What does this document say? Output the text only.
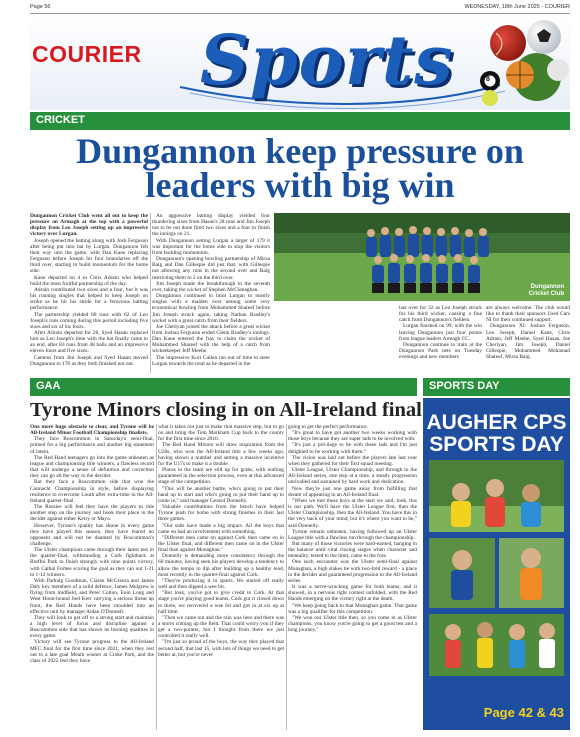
Page 56	WEDNESDAY, 18th June 2025 - COURIER
COURIER Sports	8
CRICKET
Dungannon keep pressure on leaders with big win

Dungannon Cricket Club went all out to keep the pressure on Armagh at the top with a powerful display from Leo Joseph setting up an impressive victory over Lurgan.

Joseph opened the batting along with Josh Ferguson after being put into bat by Lurgan. Dungannon felt their way into the game, with Dan Kane replacing Ferguson before Joseph hit four boundaries off the third over, starting to build momentum for the home side.

Kane departed on 4 to Chris Adrain who helped build the most fruitful partnership of the day.

Adrain contributed two sixes and a four, but it was his running singles that helped to keep Joseph on strike as he hit his stride for a ferocious batting performance.

The partnership yielded 80 runs with 62 of Leo Joseph's runs coming during this period including five sixes and six of his fours.

After Adrain departed for 28, Syed Hasan replaced him as Leo Joseph's time with the bat finally came to an end, after 83 runs from 48 balls and an impressive eleven fours and five sixes.

Cameos from Jim Joseph and Syed Hasan moved Dungannon to 178 as they both finished not out.

An aggressive batting display yielded four thundering sixes from Hasan's 28 runs and Jim Joseph not to be out done fired two sixes and a four to finish the innings on 21.

With Dungannon setting Lurgan a target of 179 it was important for the home side to stop the visitors from building momentum.

Dungannon's opening bowling partnership of Mirza Baig and Dan Gillespie did just that, with Gillespie not allowing any runs in the second over and Baig restricting them to 2 on the third over.

Jim Joseph made the breakthrough in the seventh over, taking the wicket of Stephen McClenaghan.

Dungannon continued to limit Lurgan to mostly singles with a maiden over among some very economical bowling from Mohammed Shareef before Jim Joseph struck again, taking Nathan Bradley's wicket with a great catch from their fielders.

Joe Cheriyan joined the attack before a great wicket from Joshua Ferguson ended Glenn Bradley's innings. Dan Kane entered the fray to claim the wicket of Mohammed Shareef with the help of a catch from wicketkeeper Jeff Meehe.

The impressive Kurt Cullen ran out of time to steer Lurgan towards the total as he departed in the

Dungannon
Cricket Club

last over for 32 as Leo Joseph struck for his third wicket, causing a fine catch from Dungannon's fielders.

Lurgan finished on 99, with the win leaving Dungannon just four points from league leaders Armagh CC.

Dungannon continue to train at the Dungannon Park nets on Tuesday evenings and new members

are always welcome. The club would like to thank their sponsors Used Cars NI for their continued support.

Dungannon XI: Joshua Ferguson, Leo Joseph, Daniel Kane, Chris Adrain, Jeff Meehe, Syed Hasan, Joe Cheriyan, Jim Joseph, Daniel Gillespie, Mohammed Mohamad Shareef, Mirza Baig.

GAA	SPORTS DAY
Tyrone Minors closing in on All-Ireland final

One more huge obstacle to clear, and Tyrone will be All-Ireland Minor Football Championship finalists.

They face Roscommon in Saturday's semi-final, primed for a big performance and another big statement of intent.

The Red Hand teenagers go into the game unbeaten as league and championship title winners, a flawless record that will undergo a sense of definition and correction they can go all the way to the decider.

But they face a Roscommon side that won the Connacht Championship in style, before displaying resilience to overcome Louth after extra-time in the All-Ireland quarter-final.

The Rossies will feel they have the players to ride another step on the journey and book their place in the decider against either Kerry or Mayo.

However, Tyrone's quality has shone in every game they have played this season, they have feared no opponent and will not be daunted by Roscommon's challenge.

The Ulster champions came through their latest test in the quarter-final, withstanding a Cork fightback at Breffni Park to finish strongly with nine points victory, with Cathal Forbes scoring the goal as they ran out 1-21 to 1-12 winners.

With Padraig Goodman, Ciaran McGrenra and James Daly key members of a solid defence, James Mulgrew is flying from midfield, and Peter Colton, Eoin Long and West Houn-bound Joel Kerr carrying a serious threat up front, the Red Hands have been moulded into an effective unit by manager Aidan O'Donnell.

They will look to get off to a strong start and maintain a high level of focus and discipline against a Roscommon side that has shown its burning qualities in every game.

Victory will see Tyrone progress to the All-Ireland MFC final for the first time since 2021, when they lost out to a late goal Meath winner at Croke Park, and the class of 2025 feel they have

what it takes not just to make that massive step, but to go on and bring the Tom Markham Cup back to the county for the first time since 2010.

The Red Hand Minors will draw inspiration from the U20s, who won the All-Ireland title a few weeks ago, having shown a number and setting a massive incentive for the U17s to make it a double.

Places in the team are still up for grabs, with nothing guaranteed in the selection process, even at this advanced stage of the competition.

"This will be another battle, who's going to put their hand up to start and who's going to put their hand up to come in," said manager Gerard Donnelly.

Valuable contributions from the bench have helped Tyrone push for home with strong finishes in their last three games.

"Our subs have made a big impact. All the boys that came on had an involvement with something.

"Different men came on against Cork then came on in the Ulster final, and different men came on in the Ulster final than against Monaghan."

Donnelly is demanding more consistency through the 60 minutes, having seen his players develop a tendency to allow the tempo to dip after building up a healthy lead, most recently in the quarter-final against Cork.

"They're producing it in spurts. We started off really well and then dipped a wee bit.

"But look, you've got to give credit to Cork. At that stage you're playing good teams. Cork got it closed down to three, we recovered a wee bit and got in at six up at half time.

"Then we came out and the rain was here and there was a storm coming up the field. That could worry you if they get a two-pointer, but I thought from there we just controlled it really well.

"I'm just so proud of the boys, the way they played that second half, that last 15, with lots of things we need to get better at, but you're never

going to get the perfect performance.

"It's great to have got another two weeks working with those boys because they are super lads to be involved with.

"It's just a privilege to be with these lads and I'm just delighted to be working with them."

The vision was laid out before the players late last year when they gathered for their first squad meeting.

Ulster League, Ulster Championship, and through to the All-Ireland series, one step at a time, a steady progression unrivalled and sustained by hard work and dedication.

Now they're just one game away from fulfilling that dream of appearing in an All-Ireland final.

"When we met these boys at the start we said, look, this is our path. We'll have the Ulster League first, then the Ulster Championship, then the All-Ireland. You have this in the very back of your mind, but it's where you want to be," said Donnelly.

Tyrone remain unbeaten, having followed up an Ulster League title with a flawless run through the championship.

But many of those victories were hard-earned, hanging in the balance until vital closing stages when character and mentality, tested to the limit, came to the fore.

One such encounter was the Ulster semi-final against Monaghan, a high stakes tie with two-fold reward - a place in the decider and guaranteed progression to the All-Ireland series.

It was a nerve-wracking game for both teams, and it showed, in a nervous tight contest unfolded, with the Red Hands emerging on the victory right at the death.

"We keep going back to that Monaghan game. That game was a big qualifier for this competition.

"We won our Ulster title then, so you come in as Ulster champions, you know you're going to get a good test and a long journey."

AUGHER CPS
SPORTS DAY
Page 42 & 43
